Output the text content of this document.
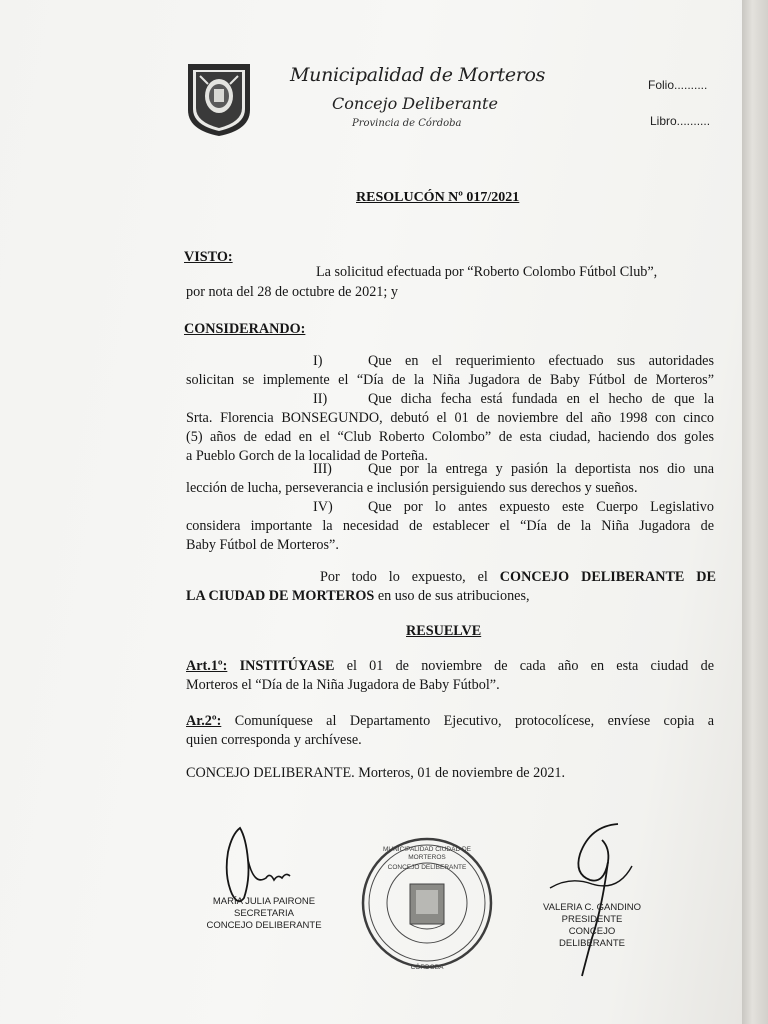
Municipalidad de Morteros
Concejo Deliberante
Provincia de Córdoba
Folio..........
Libro..........
RESOLUCÓN Nº 017/2021
VISTO:
La solicitud efectuada por “Roberto Colombo Fútbol Club”,
por nota del 28 de octubre de 2021; y
CONSIDERANDO:
I)	Que en el requerimiento efectuado sus autoridades
solicitan se implemente el “Día de la Niña Jugadora de Baby Fútbol de Morteros”
II)	Que dicha fecha está fundada en el hecho de que la
Srta. Florencia BONSEGUNDO, debutó el 01 de noviembre del año 1998 con cinco
(5) años de edad en el “Club Roberto Colombo” de esta ciudad, haciendo dos goles
a Pueblo Gorch de la localidad de Porteña.
III)	Que por la entrega y pasión la deportista nos dio una
lección de lucha, perseverancia e inclusión persiguiendo sus derechos y sueños.
IV) Que por lo antes expuesto este Cuerpo Legislativo
considera importante la necesidad de establecer el “Día de la Niña Jugadora de
Baby Fútbol de Morteros”.
Por todo lo expuesto, el CONCEJO DELIBERANTE DE
LA CIUDAD DE MORTEROS en uso de sus atribuciones,
RESUELVE
Art.1º: INSTITÚYASE el 01 de noviembre de cada año en esta ciudad de
Morteros el “Día de la Niña Jugadora de Baby Fútbol”.
Ar.2º: Comuníquese al Departamento Ejecutivo, protocolícese, envíese copia a
quien corresponda y archívese.
CONCEJO DELIBERANTE. Morteros, 01 de noviembre de 2021.
MARÍA JULIA PAIRONE
SECRETARIA
CONCEJO DELIBERANTE
MUNICIPALIDAD CIUDAD DE MORTEROS
CONCEJO DELIBERANTE
CÓRDOBA
VALERIA C. GANDINO
PRESIDENTE
CONCEJO DELIBERANTE
